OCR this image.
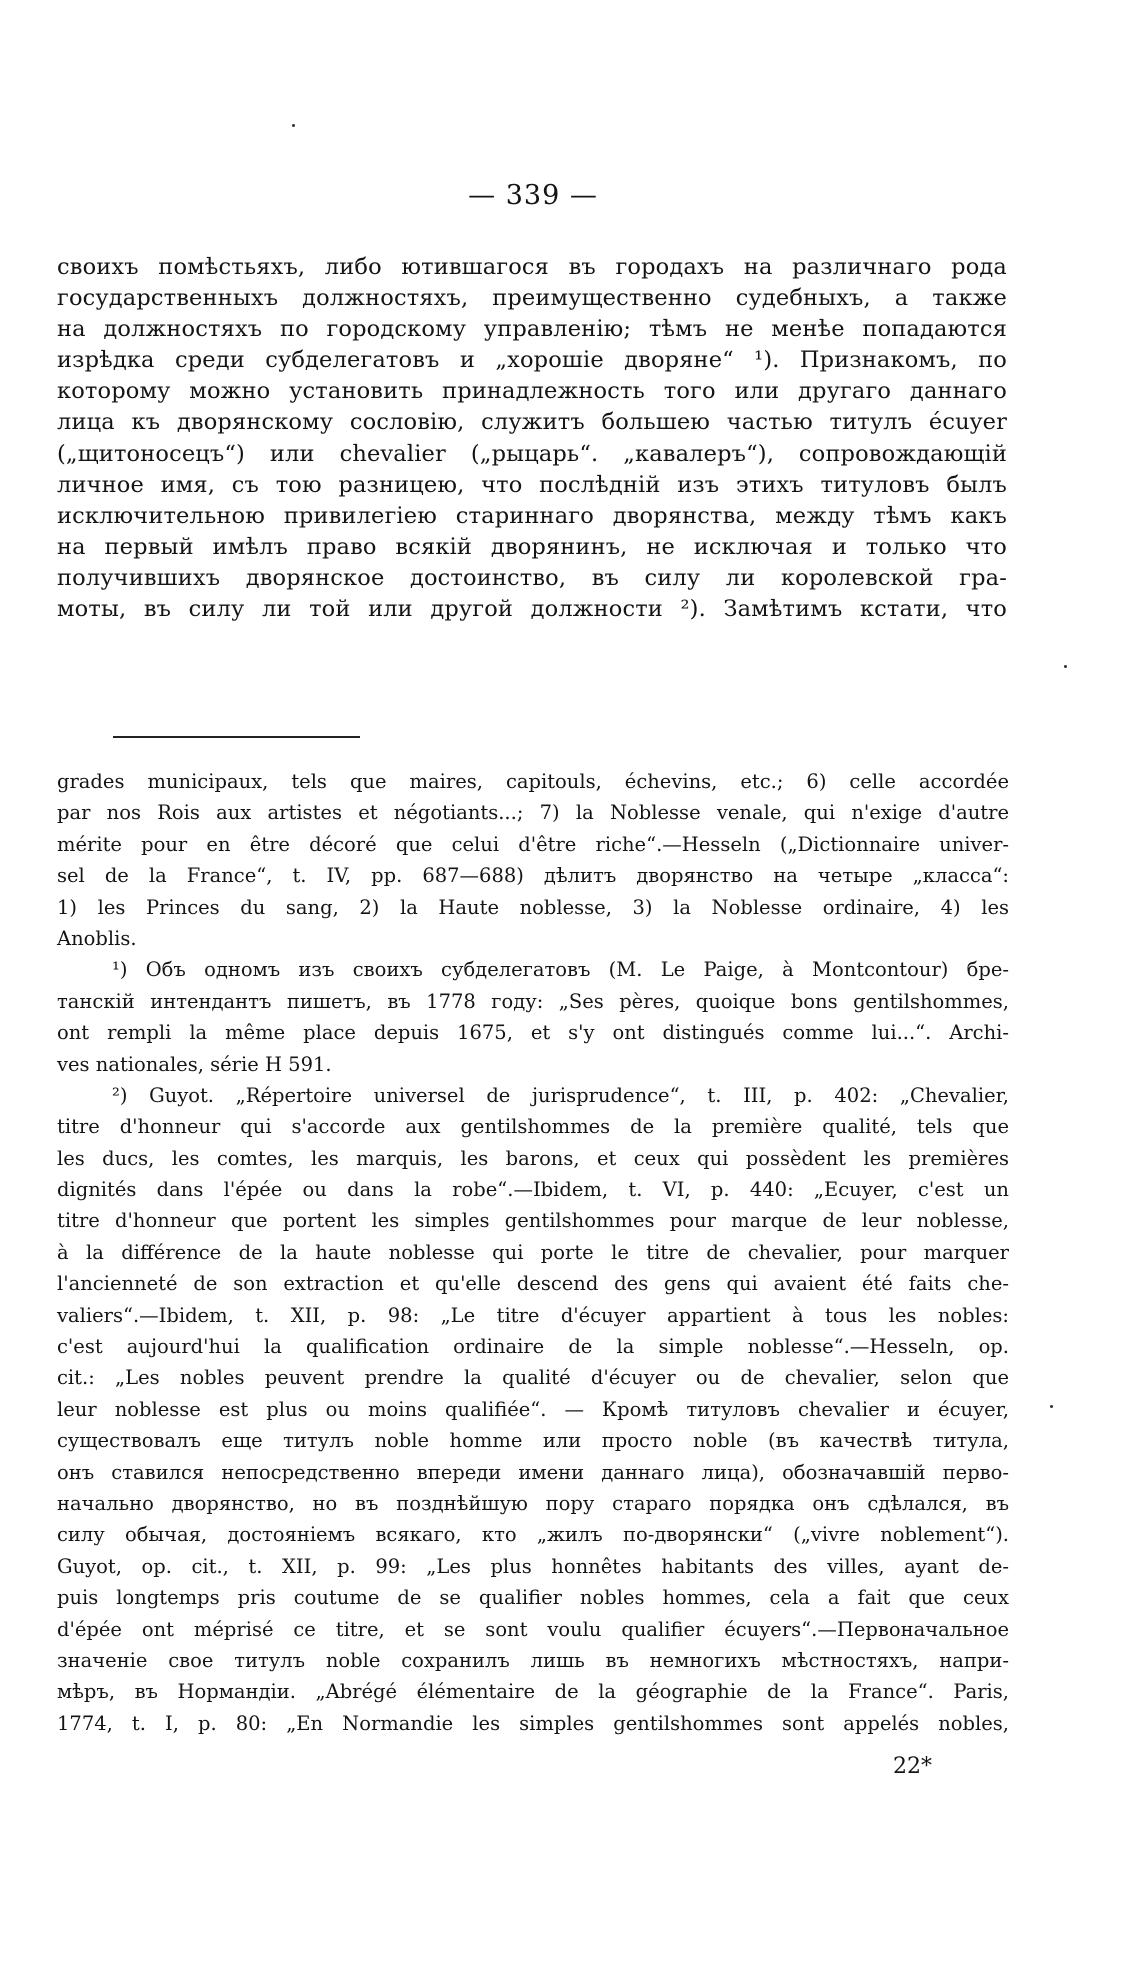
— 339 —
своихъ помѣстьяхъ, либо ютившагося въ городахъ на различнаго рода
государственныхъ должностяхъ, преимущественно судебныхъ, а также
на должностяхъ по городскому управленію; тѣмъ не менѣе попадаются
изрѣдка среди субделегатовъ и „хорошіе дворяне“ ¹). Признакомъ, по
которому можно установить принадлежность того или другаго даннаго
лица къ дворянскому сословію, служитъ большею частью титулъ écuyer
(„щитоносецъ“) или chevalier („рыцарь“. „кавалеръ“), сопровождающій
личное имя, съ тою разницею, что послѣдній изъ этихъ титуловъ былъ
исключительною привилегіею стариннаго дворянства, между тѣмъ какъ
на первый имѣлъ право всякій дворянинъ, не исключая и только что
получившихъ дворянское достоинство, въ силу ли королевской гра-
моты, въ силу ли той или другой должности ²). Замѣтимъ кстати, что
grades municipaux, tels que maires, capitouls, échevins, etc.; 6) celle accordée
par nos Rois aux artistes et négotiants...; 7) la Noblesse venale, qui n'exige d'autre
mérite pour en être décoré que celui d'être riche“.—Hesseln („Dictionnaire univer-
sel de la France“, t. IV, pp. 687—688) дѣлитъ дворянство на четыре „класса“:
1) les Princes du sang, 2) la Haute noblesse, 3) la Noblesse ordinaire, 4) les
Anoblis.
¹) Объ одномъ изъ своихъ субделегатовъ (M. Le Paige, à Montcontour) бре-
танскій интендантъ пишетъ, въ 1778 году: „Ses pères, quoique bons gentilshommes,
ont rempli la même place depuis 1675, et s'y ont distingués comme lui...“. Archi-
ves nationales, série H 591.
²) Guyot. „Répertoire universel de jurisprudence“, t. III, p. 402: „Chevalier,
titre d'honneur qui s'accorde aux gentilshommes de la première qualité, tels que
les ducs, les comtes, les marquis, les barons, et ceux qui possèdent les premières
dignités dans l'épée ou dans la robe“.—Ibidem, t. VI, p. 440: „Ecuyer, c'est un
titre d'honneur que portent les simples gentilshommes pour marque de leur noblesse,
à la différence de la haute noblesse qui porte le titre de chevalier, pour marquer
l'ancienneté de son extraction et qu'elle descend des gens qui avaient été faits che-
valiers“.—Ibidem, t. XII, p. 98: „Le titre d'écuyer appartient à tous les nobles:
c'est aujourd'hui la qualification ordinaire de la simple noblesse“.—Hesseln, op.
cit.: „Les nobles peuvent prendre la qualité d'écuyer ou de chevalier, selon que
leur noblesse est plus ou moins qualifiée“. — Кромѣ титуловъ chevalier и écuyer,
существовалъ еще титулъ noble homme или просто noble (въ качествѣ титула,
онъ ставился непосредственно впереди имени даннаго лица), обозначавшій перво-
начально дворянство, но въ позднѣйшую пору стараго порядка онъ сдѣлался, въ
силу обычая, достояніемъ всякаго, кто „жилъ по-дворянски“ („vivre noblement“).
Guyot, op. cit., t. XII, p. 99: „Les plus honnêtes habitants des villes, ayant de-
puis longtemps pris coutume de se qualifier nobles hommes, cela a fait que ceux
d'épée ont méprisé ce titre, et se sont voulu qualifier écuyers“.—Первоначальное
значеніе свое титулъ noble сохранилъ лишь въ немногихъ мѣстностяхъ, напри-
мѣръ, въ Нормандіи. „Abrégé élémentaire de la géographie de la France“. Paris,
1774, t. I, p. 80: „En Normandie les simples gentilshommes sont appelés nobles,
22*
